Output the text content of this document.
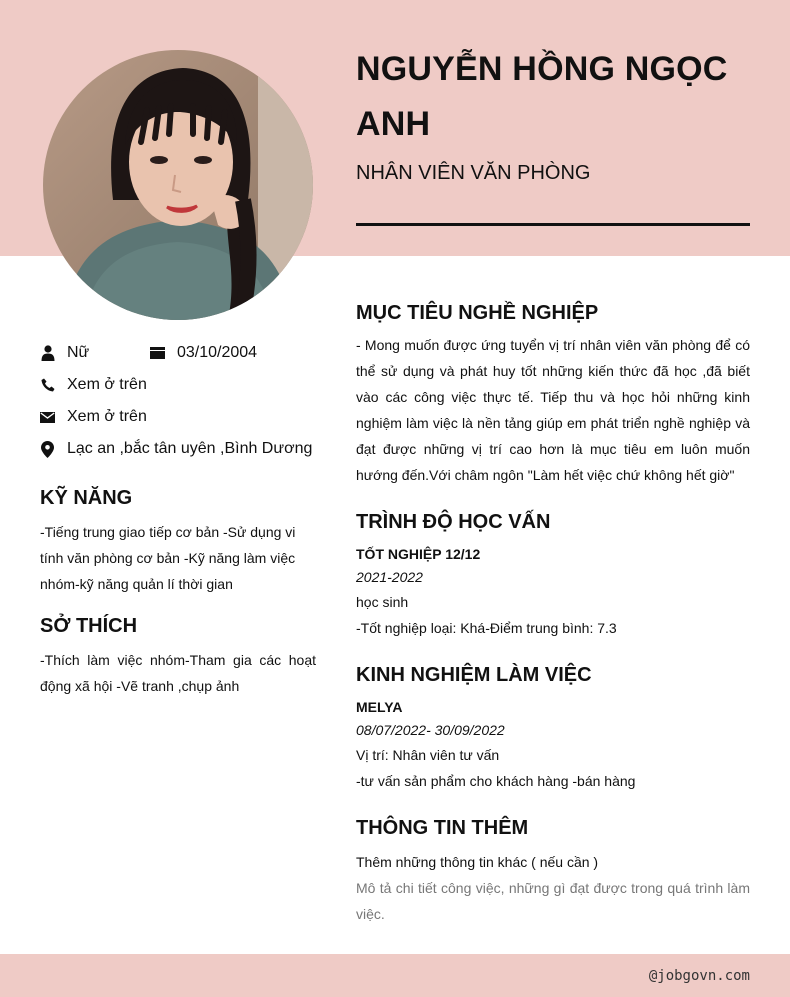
NGUYỄN HỒNG NGỌC ANH
NHÂN VIÊN VĂN PHÒNG
Nữ	03/10/2004
Xem ở trên
Xem ở trên
Lạc an ,bắc tân uyên ,Bình Dương
KỸ NĂNG
-Tiếng trung giao tiếp cơ bản -Sử dụng vi tính văn phòng cơ bản -Kỹ năng làm việc nhóm-kỹ năng quản lí thời gian
SỞ THÍCH
-Thích làm việc nhóm-Tham gia các hoạt động xã hội -Vẽ tranh ,chụp ảnh
MỤC TIÊU NGHỀ NGHIỆP
- Mong muốn được ứng tuyển vị trí nhân viên văn phòng để có thể sử dụng và phát huy tốt những kiến thức đã học ,đã biết vào các công việc thực tế. Tiếp thu và học hỏi những kinh nghiệm làm việc là nền tảng giúp em phát triển nghề nghiệp và đạt được những vị trí cao hơn là mục tiêu em luôn muốn hướng đến.Với châm ngôn "Làm hết việc chứ không hết giờ"
TRÌNH ĐỘ HỌC VẤN
TỐT NGHIỆP 12/12
2021-2022
học sinh
-Tốt nghiệp loại: Khá-Điểm trung bình: 7.3
KINH NGHIỆM LÀM VIỆC
MELYA
08/07/2022- 30/09/2022
Vị trí: Nhân viên tư vấn
-tư vấn sản phẩm cho khách hàng -bán hàng
THÔNG TIN THÊM
Thêm những thông tin khác ( nếu cần )
Mô tả chi tiết công việc, những gì đạt được trong quá trình làm việc.
@jobgovn.com
